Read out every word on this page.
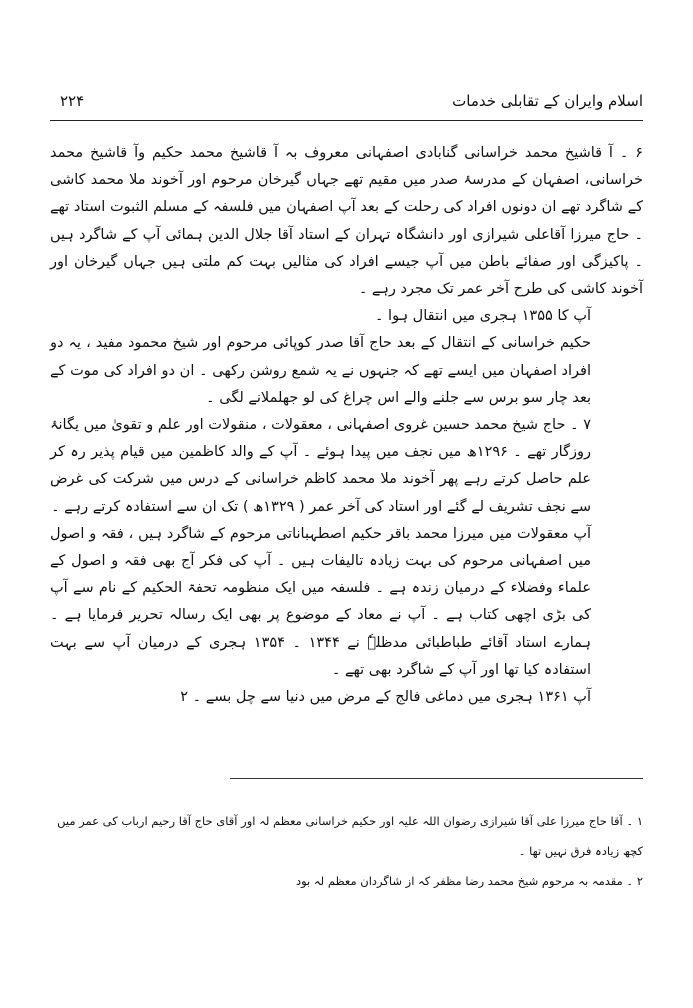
اسلام وایران کے تقابلی خدمات
۲۲۴

۶ ۔ آ قاشیخ محمد خراسانی گنابادی اصفہانی معروف بہ آ قاشیخ محمد حکیم وآ قاشیخ محمد خراسانی، اصفہان کے مدرسۂ صدر میں مقیم تھے جہاں گیرخان مرحوم اور آخوند ملا محمد کاشی کے شاگرد تھے ان دونوں افراد کی رحلت کے بعد آپ اصفہان میں فلسفہ کے مسلم الثبوت استاد تھے ۔ حاج میرزا آقاعلی شیرازی اور دانشگاہ تہران کے استاد آقا جلال الدین ہمائی آپ کے شاگرد ہیں ۔ پاکیزگی اور صفائے باطن میں آپ جیسے افراد کی مثالیں بہت کم ملتی ہیں جہاں گیرخان اور آخوند کاشی کی طرح آخر عمر تک مجرد رہے ۔

آپ کا ۱۳۵۵ ہجری میں انتقال ہوا ۔

حکیم خراسانی کے انتقال کے بعد حاج آقا صدر کوپائی مرحوم اور شیخ محمود مفید ، یہ دو افراد اصفہان میں ایسے تھے کہ جنہوں نے یہ شمع روشن رکھی ۔ ان دو افراد کی موت کے بعد چار سو برس سے جلنے والے اس چراغ کی لو جھلملانے لگی ۔

۷ ۔ حاج شیخ محمد حسین غروی اصفہانی ، معقولات ، منقولات اور علم و تقویٰ میں یگانۂ روزگار تھے ۔ ۱۲۹۶ھ میں نجف میں پیدا ہوئے ۔ آپ کے والد کاظمین میں قیام پذیر رہ کر علم حاصل کرتے رہے پھر آخوند ملا محمد کاظم خراسانی کے درس میں شرکت کی غرض سے نجف تشریف لے گئے اور استاد کی آخر عمر ( ۱۳۲۹ھ ) تک ان سے استفادہ کرتے رہے ۔

آپ معقولات میں میرزا محمد باقر حکیم اصطہباناتی مرحوم کے شاگرد ہیں ، فقہ و اصول میں اصفہانی مرحوم کی بہت زیادہ تالیفات ہیں ۔ آپ کی فکر آج بھی فقہ و اصول کے علماء وفضلاء کے درمیان زندہ ہے ۔ فلسفہ میں ایک منظومہ تحفۃ الحکیم کے نام سے آپ کی بڑی اچھی کتاب ہے ۔ آپ نے معاد کے موضوع پر بھی ایک رسالہ تحریر فرمایا ہے ۔ ہمارے استاد آقائے طباطبائی مدظلہٗ نے ۱۳۴۴ ۔ ۱۳۵۴ ہجری کے درمیان آپ سے بہت استفادہ کیا تھا اور آپ کے شاگرد بھی تھے ۔

آپ ۱۳۶۱ ہجری میں دماغی فالج کے مرض میں دنیا سے چل بسے ۔ ۲

۱ ۔ آقا حاج میرزا علی آقا شیرازی رضوان اللہ علیہ اور حکیم خراسانی معظم لہ اور آقای حاج آقا رحیم ارباب کی عمر میں کچھ زیادہ فرق نہیں تھا ۔

۲ ۔ مقدمہ بہ مرحوم شیخ محمد رضا مظفر کہ از شاگردان معظم لہ بود
